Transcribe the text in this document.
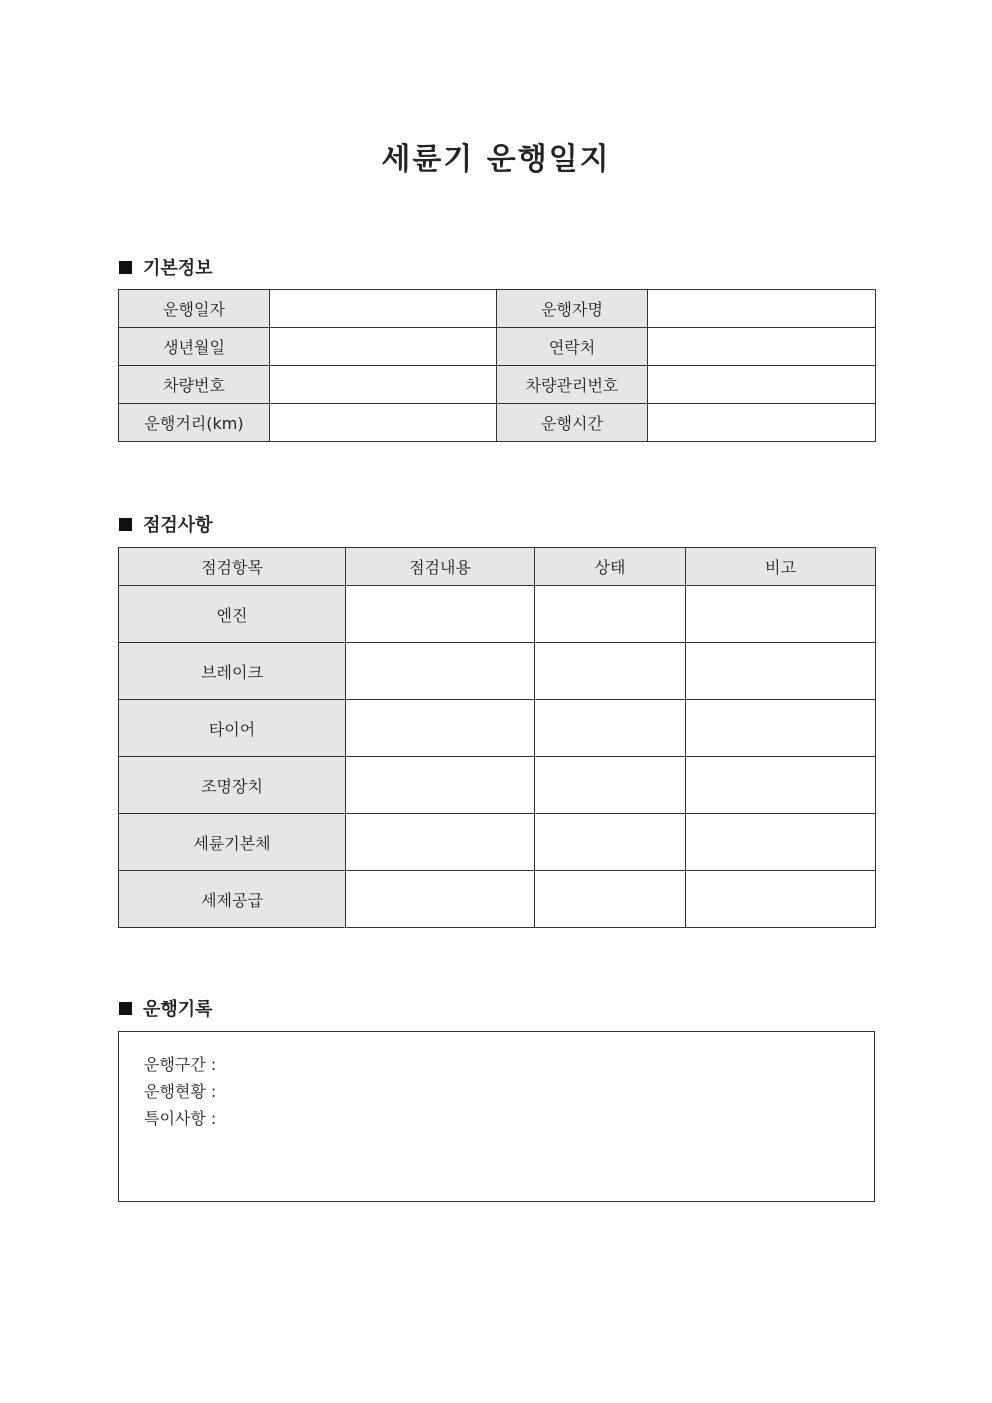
세륜기 운행일지
기본정보
운행일자		운행자명	
생년월일		연락처	
차량번호		차량관리번호	
운행거리(km)		운행시간	
점검사항
점검항목	점검내용	상태	비고
엔진			
브레이크			
타이어			
조명장치			
세륜기본체			
세제공급			
운행기록
운행구간 :
운행현황 :
특이사항 :
